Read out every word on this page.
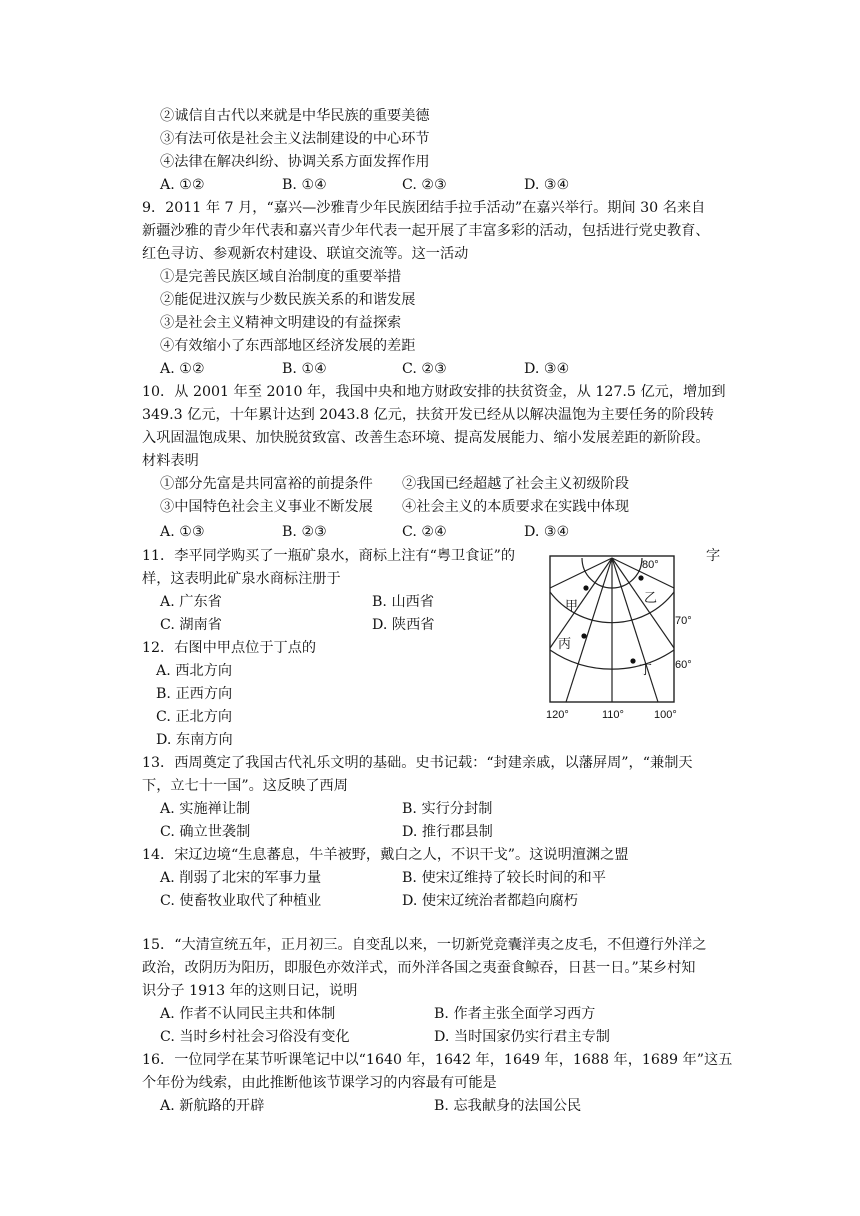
②诚信自古代以来就是中华民族的重要美德
③有法可依是社会主义法制建设的中心环节
④法律在解决纠纷、协调关系方面发挥作用
A. ①②	B. ①④	C. ②③	D. ③④
9．2011 年 7 月，“嘉兴—沙雅青少年民族团结手拉手活动”在嘉兴举行。期间 30 名来自
新疆沙雅的青少年代表和嘉兴青少年代表一起开展了丰富多彩的活动，包括进行党史教育、
红色寻访、参观新农村建设、联谊交流等。这一活动
①是完善民族区域自治制度的重要举措
②能促进汉族与少数民族关系的和谐发展
③是社会主义精神文明建设的有益探索
④有效缩小了东西部地区经济发展的差距
A. ①②	B. ①④	C. ②③	D. ③④
10．从 2001 年至 2010 年，我国中央和地方财政安排的扶贫资金，从 127.5 亿元，增加到
349.3 亿元，十年累计达到 2043.8 亿元，扶贫开发已经从以解决温饱为主要任务的阶段转
入巩固温饱成果、加快脱贫致富、改善生态环境、提高发展能力、缩小发展差距的新阶段。
材料表明
①部分先富是共同富裕的前提条件 ②我国已经超越了社会主义初级阶段
③中国特色社会主义事业不断发展 ④社会主义的本质要求在实践中体现
A. ①③	B. ②③	C. ②④	D. ③④
11．李平同学购买了一瓶矿泉水，商标上注有“粤卫食证”的	字
样，这表明此矿泉水商标注册于
A. 广东省	B. 山西省
C. 湖南省	D. 陕西省
12．右图中甲点位于丁点的
A. 西北方向
B. 正西方向
C. 正北方向
D. 东南方向
甲
乙
丙
丁
80°
70°
60°
120°	110°	100°
13．西周奠定了我国古代礼乐文明的基础。史书记载：“封建亲戚，以藩屏周”，“兼制天
下，立七十一国”。这反映了西周
A. 实施禅让制	B. 实行分封制
C. 确立世袭制	D. 推行郡县制
14．宋辽边境“生息蕃息，牛羊被野，戴白之人，不识干戈”。这说明澶渊之盟
A. 削弱了北宋的军事力量	B. 使宋辽维持了较长时间的和平
C. 使畜牧业取代了种植业	D. 使宋辽统治者都趋向腐朽
15．“大清宣统五年，正月初三。自变乱以来，一切新党竞囊洋夷之皮毛，不但遵行外洋之
政治，改阴历为阳历，即服色亦效洋式，而外洋各国之夷蚕食鲸吞，日甚一日。”某乡村知
识分子 1913 年的这则日记，说明
A. 作者不认同民主共和体制	B. 作者主张全面学习西方
C. 当时乡村社会习俗没有变化	D. 当时国家仍实行君主专制
16．一位同学在某节听课笔记中以“1640 年，1642 年，1649 年，1688 年，1689 年”这五
个年份为线索，由此推断他该节课学习的内容最有可能是
A. 新航路的开辟	B. 忘我献身的法国公民
